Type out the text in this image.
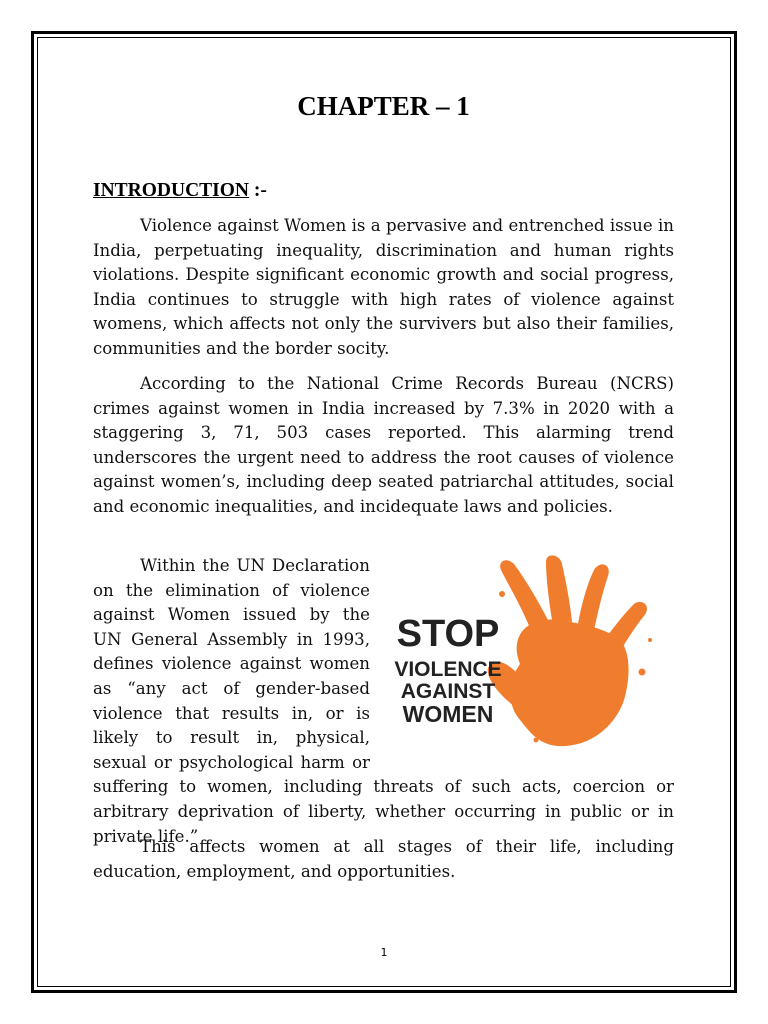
CHAPTER – 1
INTRODUCTION :-

Violence against Women is a pervasive and entrenched issue in India, perpetuating inequality, discrimination and human rights violations. Despite significant economic growth and social progress, India continues to struggle with high rates of violence against womens, which affects not only the survivers but also their families, communities and the border socity.

According to the National Crime Records Bureau (NCRS) crimes against women in India increased by 7.3% in 2020 with a staggering 3, 71, 503 cases reported. This alarming trend underscores the urgent need to address the root causes of violence against women’s, including deep seated patriarchal attitudes, social and economic inequalities, and incidequate laws and policies.

STOP
VIOLENCE
AGAINST
WOMEN
Within the UN Declaration on the elimination of violence against Women issued by the UN General Assembly in 1993, defines violence against women as “any act of gender-based violence that results in, or is likely to result in, physical, sexual or psychological harm or suffering to women, including threats of such acts, coercion or arbitrary deprivation of liberty, whether occurring in public or in private life.”

This affects women at all stages of their life, including education, employment, and opportunities.

1
